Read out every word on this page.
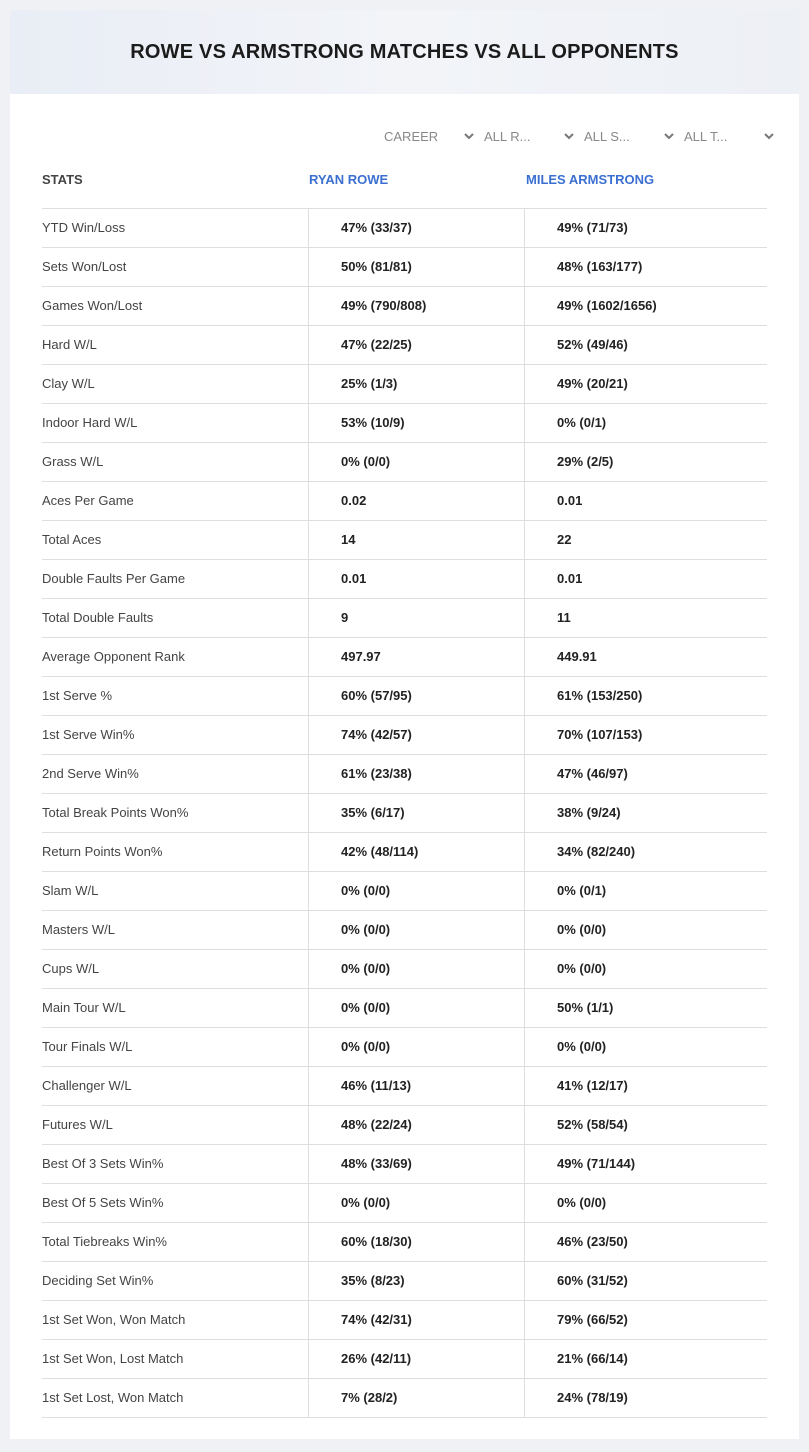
ROWE VS ARMSTRONG MATCHES VS ALL OPPONENTS
CAREER	ALL R...	ALL S...	ALL T...
STATS	RYAN ROWE	MILES ARMSTRONG
YTD Win/Loss	47% (33/37)	49% (71/73)
Sets Won/Lost	50% (81/81)	48% (163/177)
Games Won/Lost	49% (790/808)	49% (1602/1656)
Hard W/L	47% (22/25)	52% (49/46)
Clay W/L	25% (1/3)	49% (20/21)
Indoor Hard W/L	53% (10/9)	0% (0/1)
Grass W/L	0% (0/0)	29% (2/5)
Aces Per Game	0.02	0.01
Total Aces	14	22
Double Faults Per Game	0.01	0.01
Total Double Faults	9	11
Average Opponent Rank	497.97	449.91
1st Serve %	60% (57/95)	61% (153/250)
1st Serve Win%	74% (42/57)	70% (107/153)
2nd Serve Win%	61% (23/38)	47% (46/97)
Total Break Points Won%	35% (6/17)	38% (9/24)
Return Points Won%	42% (48/114)	34% (82/240)
Slam W/L	0% (0/0)	0% (0/1)
Masters W/L	0% (0/0)	0% (0/0)
Cups W/L	0% (0/0)	0% (0/0)
Main Tour W/L	0% (0/0)	50% (1/1)
Tour Finals W/L	0% (0/0)	0% (0/0)
Challenger W/L	46% (11/13)	41% (12/17)
Futures W/L	48% (22/24)	52% (58/54)
Best Of 3 Sets Win%	48% (33/69)	49% (71/144)
Best Of 5 Sets Win%	0% (0/0)	0% (0/0)
Total Tiebreaks Win%	60% (18/30)	46% (23/50)
Deciding Set Win%	35% (8/23)	60% (31/52)
1st Set Won, Won Match	74% (42/31)	79% (66/52)
1st Set Won, Lost Match	26% (42/11)	21% (66/14)
1st Set Lost, Won Match	7% (28/2)	24% (78/19)
